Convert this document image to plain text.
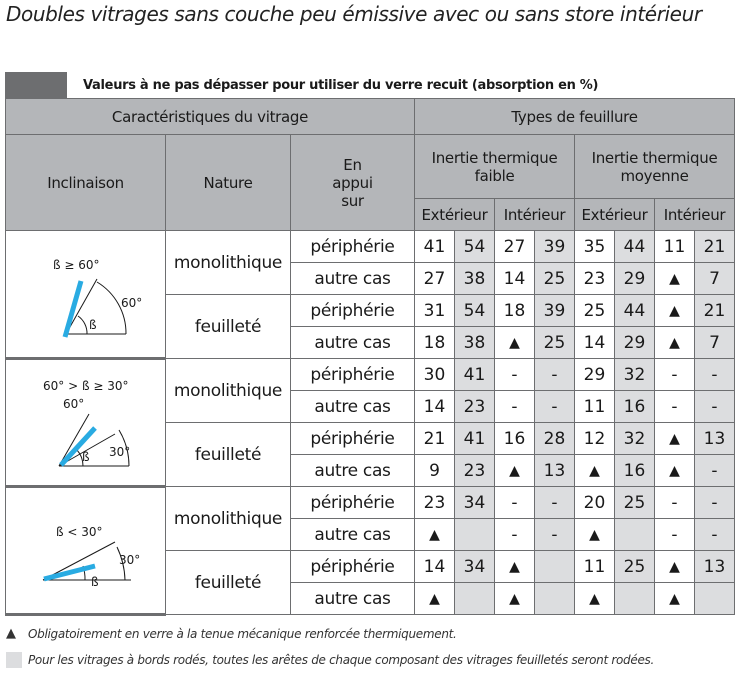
Doubles vitrages sans couche peu émissive avec ou sans store intérieur
Valeurs à ne pas dépasser pour utiliser du verre recuit (absorption en %)
Caractéristiques du vitrage			Types de feuillure							
Inclinaison	Nature	En appui sur	Inertie thermique faible				Inertie thermique moyenne			
			Extérieur		Intérieur		Extérieur		Intérieur	

ß ≥ 60°
60°
ß	monolithique	périphérie	41	54	27	39	35	44	11	21
		autre cas	27	38	14	25	23	29	▲	7
	feuilleté	périphérie	31	54	18	39	25	44	▲	21
		autre cas	18	38	▲	25	14	29	▲	7

60° > ß ≥ 30°
60°
30°
ß	monolithique	périphérie	30	41	-	-	29	32	-	-
		autre cas	14	23	-	-	11	16	-	-
	feuilleté	périphérie	21	41	16	28	12	32	▲	13
		autre cas	9	23	▲	13	▲	16	▲	-

ß < 30°
30°
ß	monolithique	périphérie	23	34	-	-	20	25	-	-
		autre cas	▲		-	-	▲		-	-
	feuilleté	périphérie	14	34	▲		11	25	▲	13
		autre cas	▲		▲		▲		▲	
▲	Obligatoirement en verre à la tenue mécanique renforcée thermiquement.
Pour les vitrages à bords rodés, toutes les arêtes de chaque composant des vitrages feuilletés seront rodées.
